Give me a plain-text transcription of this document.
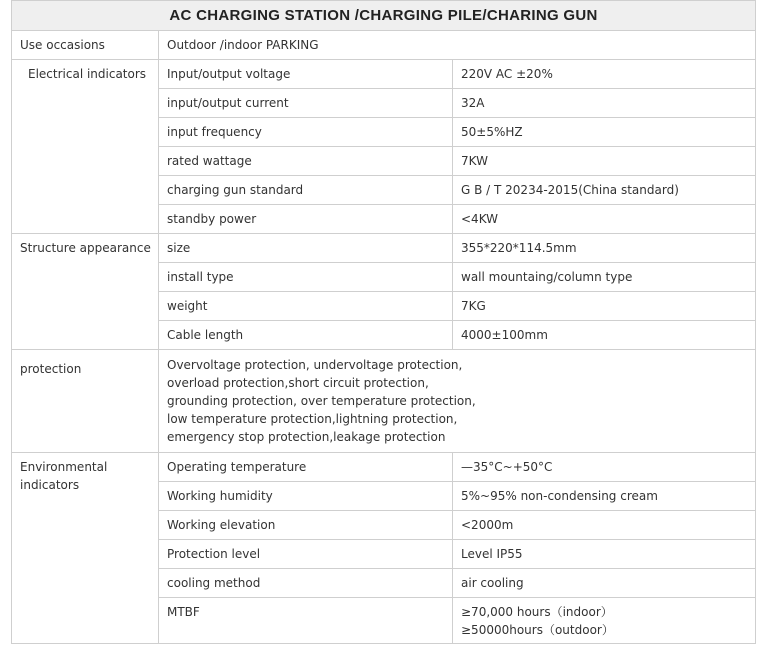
AC CHARGING STATION /CHARGING PILE/CHARING GUN		
Use occasions	Outdoor /indoor PARKING	
Electrical indicators	Input/output voltage	220V AC ±20%
	input/output current	32A
	input frequency	50±5%HZ
	rated wattage	7KW
	charging gun standard	G B / T 20234-2015(China standard)
	standby power	<4KW
Structure appearance	size	355*220*114.5mm
	install type	wall mountaing/column type
	weight	7KG
	Cable length	4000±100mm
protection	Overvoltage protection, undervoltage protection,
overload protection,short circuit protection,
grounding protection, over temperature protection,
low temperature protection,lightning protection,
emergency stop protection,leakage protection	

Environmental
indicators	Operating temperature	—35°C~+50°C
	Working humidity	5%~95% non-condensing cream
	Working elevation	<2000m
	Protection level	Level IP55
	cooling method	air cooling
	MTBF	≥70,000 hours（indoor）
≥50000hours（outdoor）
